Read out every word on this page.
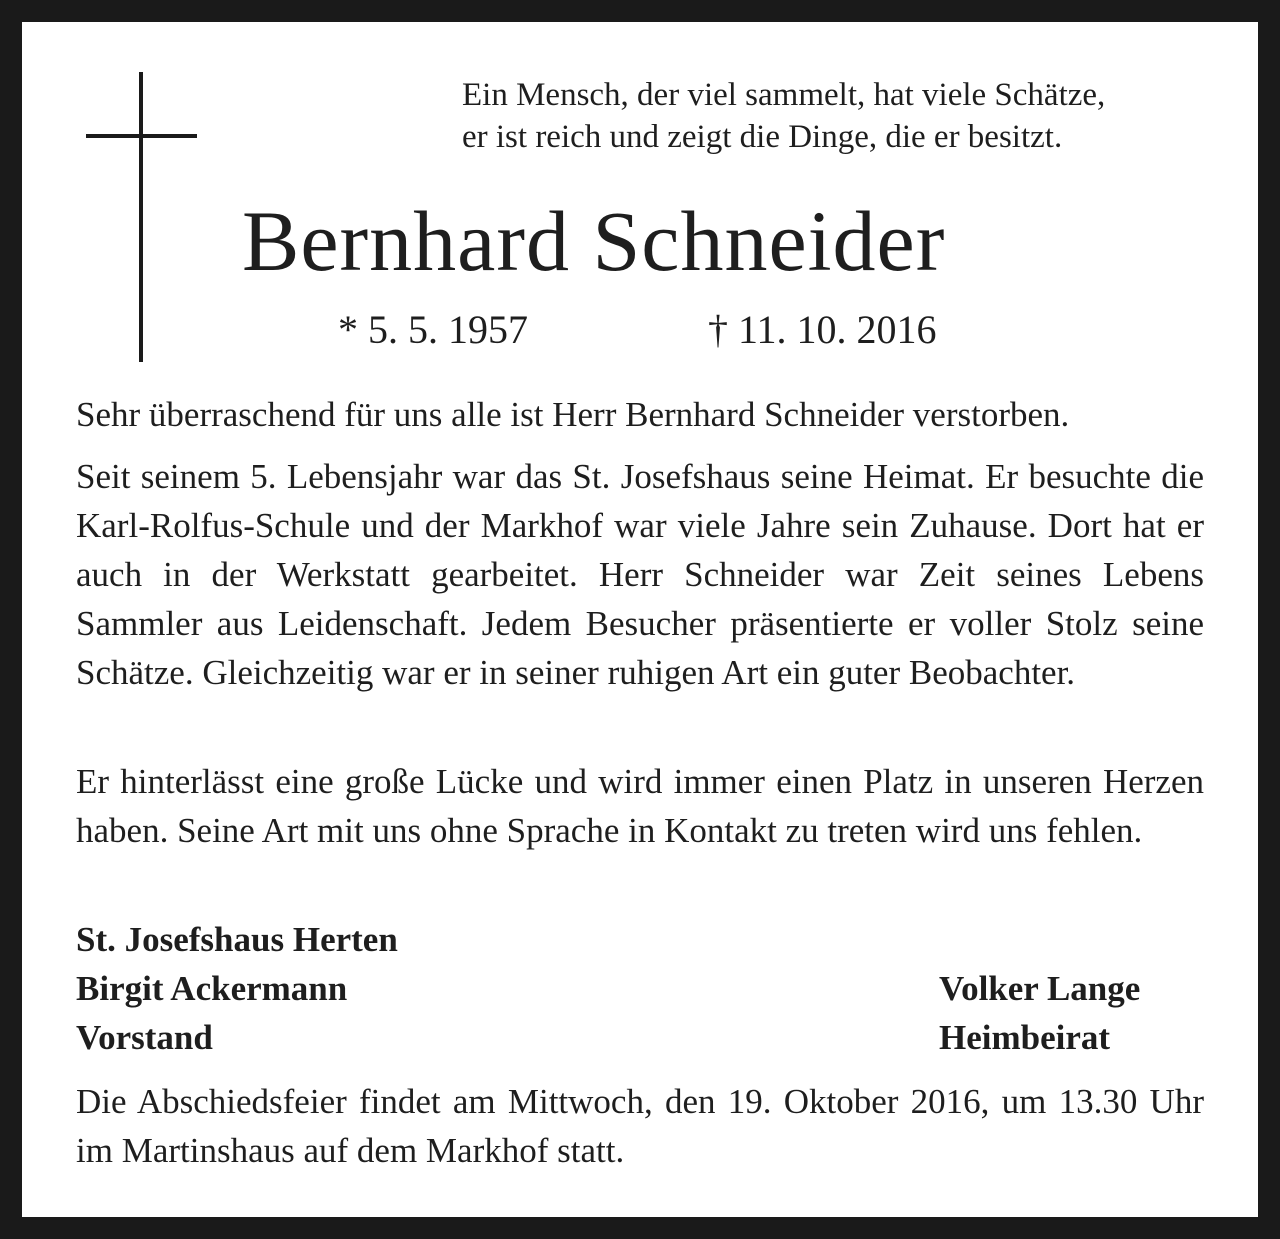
Ein Mensch, der viel sammelt, hat viele Schätze,
er ist reich und zeigt die Dinge, die er besitzt.
Bernhard Schneider
* 5. 5. 1957	† 11. 10. 2016
Sehr überraschend für uns alle ist Herr Bernhard Schneider verstorben.
Seit seinem 5. Lebensjahr war das St. Josefshaus seine Heimat. Er besuchte die Karl-Rolfus-Schule und der Markhof war viele Jahre sein Zuhause. Dort hat er auch in der Werkstatt gearbeitet. Herr Schneider war Zeit seines Lebens Sammler aus Leidenschaft. Jedem Besucher präsentierte er voller Stolz seine Schätze. Gleichzeitig war er in seiner ruhigen Art ein guter Beobachter.
Er hinterlässt eine große Lücke und wird immer einen Platz in unseren Herzen haben. Seine Art mit uns ohne Sprache in Kontakt zu treten wird uns fehlen.
St. Josefshaus Herten
Birgit Ackermann
Vorstand
Volker Lange
Heimbeirat
Die Abschiedsfeier findet am Mittwoch, den 19. Oktober 2016, um 13.30 Uhr im Martinshaus auf dem Markhof statt.
